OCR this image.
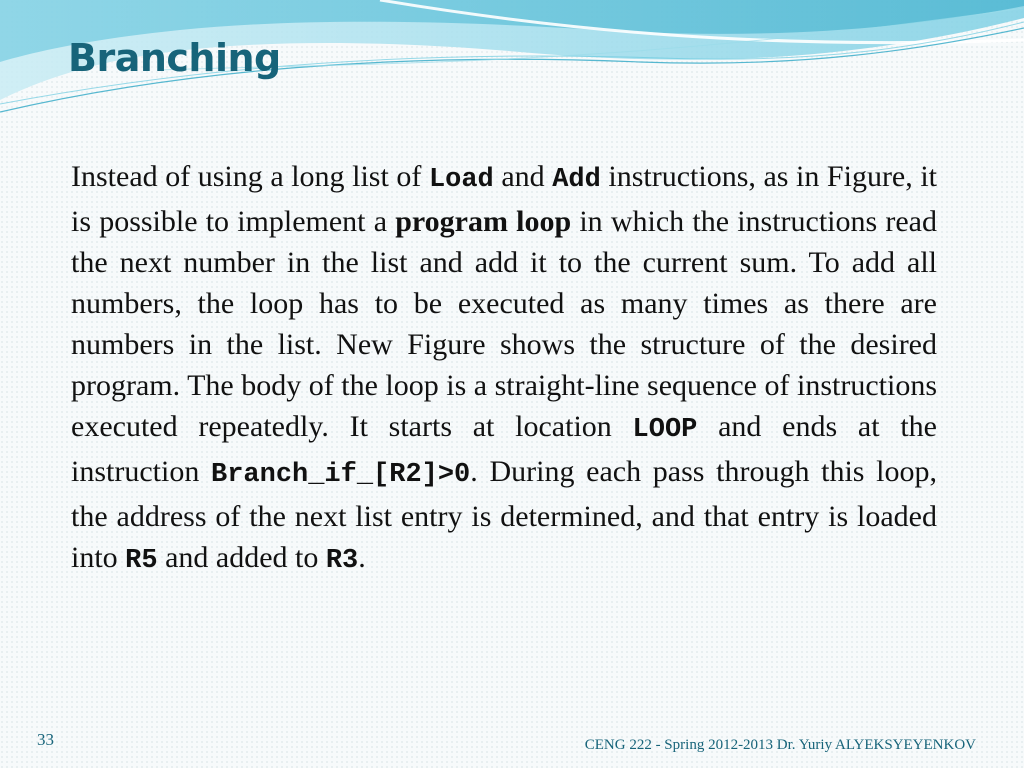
Branching

Instead of using a long list of Load and Add instructions, as in Figure, it is possible to implement a program loop in which the instructions read the next number in the list and add it to the current sum. To add all numbers, the loop has to be executed as many times as there are numbers in the list. New Figure shows the structure of the desired program. The body of the loop is a straight-line sequence of instructions executed repeatedly. It starts at location LOOP and ends at the instruction Branch_if_[R2]>0. During each pass through this loop, the address of the next list entry is determined, and that entry is loaded into R5 and added to R3.

33	CENG 222 - Spring 2012-2013 Dr. Yuriy ALYEKSYEYENKOV
